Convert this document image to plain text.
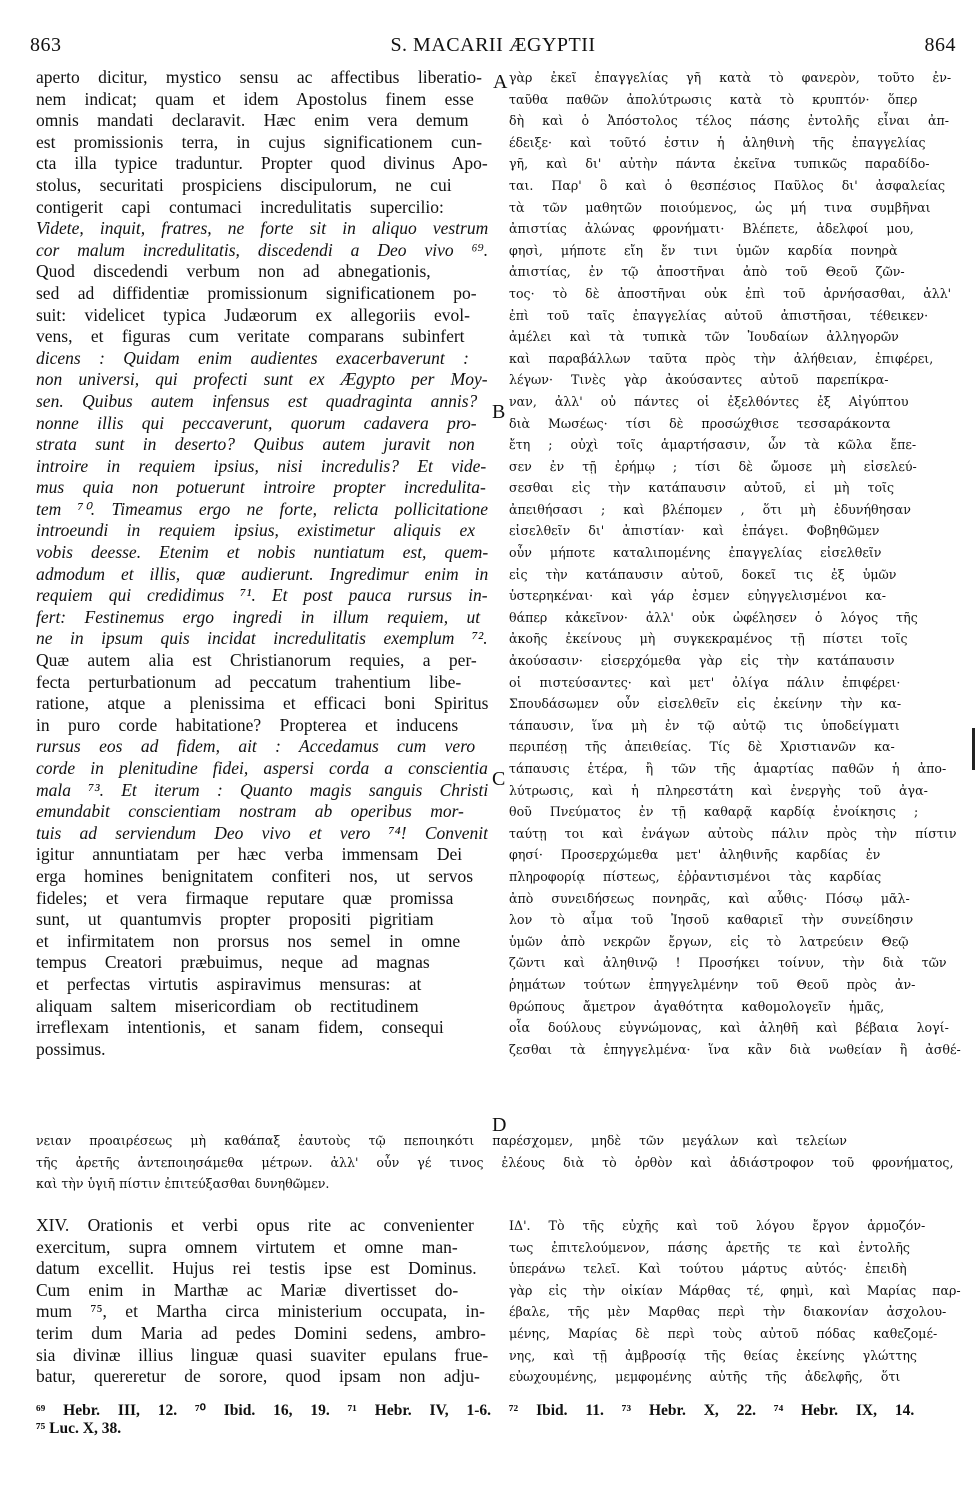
863	S. MACARII ÆGYPTII	864
aperto dicitur, mystico sensu ac affectibus liberatio-
nem indicat; quam et idem Apostolus finem esse
omnis mandati declaravit. Hæc enim vera demum
est promissionis terra, in cujus significationem cun-
cta illa typice traduntur. Propter quod divinus Apo-
stolus, securitati prospiciens discipulorum, ne cui
contigerit capi contumaci incredulitatis supercilio:
Videte, inquit, fratres, ne forte sit in aliquo vestrum
cor malum incredulitatis, discedendi a Deo vivo ⁶⁹.
Quod discedendi verbum non ad abnegationis,
sed ad diffidentiæ promissionum significationem po-
suit: videlicet typica Judæorum ex allegoriis evol-
vens, et figuras cum veritate comparans subinfert
dicens : Quidam enim audientes exacerbaverunt :
non universi, qui profecti sunt ex Ægypto per Moy-
sen. Quibus autem infensus est quadraginta annis?
nonne illis qui peccaverunt, quorum cadavera pro-
strata sunt in deserto? Quibus autem juravit non
introire in requiem ipsius, nisi incredulis? Et vide-
mus quia non potuerunt introire propter incredulita-
tem ⁷⁰. Timeamus ergo ne forte, relicta pollicitatione
introeundi in requiem ipsius, existimetur aliquis ex
vobis deesse. Etenim et nobis nuntiatum est, quem-
admodum et illis, quæ audierunt. Ingredimur enim in
requiem qui credidimus ⁷¹. Et post pauca rursus in-
fert: Festinemus ergo ingredi in illum requiem, ut
ne in ipsum quis incidat incredulitatis exemplum ⁷².
Quæ autem alia est Christianorum requies, a per-
fecta perturbationum ad peccatum trahentium libe-
ratione, atque a plenissima et efficaci boni Spiritus
in puro corde habitatione? Propterea et inducens
rursus eos ad fidem, ait : Accedamus cum vero
corde in plenitudine fidei, aspersi corda a conscientia
mala ⁷³. Et iterum : Quanto magis sanguis Christi
emundabit conscientiam nostram ab operibus mor-
tuis ad serviendum Deo vivo et vero ⁷⁴! Convenit
igitur annuntiatam per hæc verba immensam Dei
erga homines benignitatem confiteri nos, ut servos
fideles; et vera firmaque reputare quæ promissa
sunt, ut quantumvis propter propositi pigritiam
et infirmitatem non prorsus nos semel in omne
tempus Creatori præbuimus, neque ad magnas
et perfectas virtutis aspiravimus mensuras: at
aliquam saltem misericordiam ob rectitudinem
irreflexam intentionis, et sanam fidem, consequi
possimus.
γὰρ ἐκεῖ ἐπαγγελίας γῆ κατὰ τὸ φανερὸν, τοῦτο ἐν-
ταῦθα παθῶν ἀπολύτρωσις κατὰ τὸ κρυπτόν· ὅπερ
δὴ καὶ ὁ Ἀπόστολος τέλος πάσης ἐντολῆς εἶναι ἀπ-
έδειξε· καὶ τοῦτό ἐστιν ἡ ἀληθινὴ τῆς ἐπαγγελίας
γῆ, καὶ δι' αὐτὴν πάντα ἐκεῖνα τυπικῶς παραδίδο-
ται. Παρ' ὃ καὶ ὁ θεσπέσιος Παῦλος δι' ἀσφαλείας
τὰ τῶν μαθητῶν ποιούμενος, ὡς μή τινα συμβῆναι
ἀπιστίας ἀλώνας φρονήματι· Βλέπετε, ἀδελφοί μου,
φησὶ, μήποτε εἴη ἔν τινι ὑμῶν καρδία πονηρὰ
ἀπιστίας, ἐν τῷ ἀποστῆναι ἀπὸ τοῦ Θεοῦ ζῶν-
τος· τὸ δὲ ἀποστῆναι οὐκ ἐπὶ τοῦ ἀρνήσασθαι, ἀλλ'
ἐπὶ τοῦ ταῖς ἐπαγγελίας αὐτοῦ ἀπιστῆσαι, τέθεικεν·
ἀμέλει καὶ τὰ τυπικὰ τῶν Ἰουδαίων ἀλληγορῶν
καὶ παραβάλλων ταῦτα πρὸς τὴν ἀλήθειαν, ἐπιφέρει,
λέγων· Τινὲς γὰρ ἀκούσαντες αὐτοῦ παρεπίκρα-
ναν, ἀλλ' οὐ πάντες οἱ ἐξελθόντες ἐξ Αἰγύπτου
διὰ Μωσέως· τίσι δὲ προσώχθισε τεσσαράκοντα
ἔτη ; οὐχὶ τοῖς ἁμαρτήσασιν, ὧν τὰ κῶλα ἔπε-
σεν ἐν τῇ ἐρήμῳ ; τίσι δὲ ὤμοσε μὴ εἰσελεύ-
σεσθαι εἰς τὴν κατάπαυσιν αὐτοῦ, εἰ μὴ τοῖς
ἀπειθήσασι ; καὶ βλέπομεν , ὅτι μὴ ἐδυνήθησαν
εἰσελθεῖν δι' ἀπιστίαν· καὶ ἐπάγει. Φοβηθῶμεν
οὖν μήποτε καταλιπομένης ἐπαγγελίας εἰσελθεῖν
εἰς τὴν κατάπαυσιν αὐτοῦ, δοκεῖ τις ἐξ ὑμῶν
ὑστερηκέναι· καὶ γάρ ἐσμεν εὐηγγελισμένοι κα-
θάπερ κἀκεῖνον· ἀλλ' οὐκ ὠφέλησεν ὁ λόγος τῆς
ἀκοῆς ἐκείνους μὴ συγκεκραμένος τῇ πίστει τοῖς
ἀκούσασιν· εἰσερχόμεθα γὰρ εἰς τὴν κατάπαυσιν
οἱ πιστεύσαντες· καὶ μετ' ὀλίγα πάλιν ἐπιφέρει·
Σπουδάσωμεν οὖν εἰσελθεῖν εἰς ἐκείνην τὴν κα-
τάπαυσιν, ἵνα μὴ ἐν τῷ αὐτῷ τις ὑποδείγματι
περιπέσῃ τῆς ἀπειθείας. Τίς δὲ Χριστιανῶν κα-
τάπαυσις ἑτέρα, ἢ τῶν τῆς ἁμαρτίας παθῶν ἡ ἀπο-
λύτρωσις, καὶ ἡ πληρεστάτη καὶ ἐνεργὴς τοῦ ἀγα-
θοῦ Πνεύματος ἐν τῇ καθαρᾷ καρδίᾳ ἐνοίκησις ;
ταύτῃ τοι καὶ ἐνάγων αὐτοὺς πάλιν πρὸς τὴν πίστιν
φησί· Προσερχώμεθα μετ' ἀληθινῆς καρδίας ἐν
πληροφορίᾳ πίστεως, ἐῤῥαντισμένοι τὰς καρδίας
ἀπὸ συνειδήσεως πονηρᾶς, καὶ αὖθις· Πόσῳ μᾶλ-
λον τὸ αἷμα τοῦ Ἰησοῦ καθαριεῖ τὴν συνείδησιν
ὑμῶν ἀπὸ νεκρῶν ἔργων, εἰς τὸ λατρεύειν Θεῷ
ζῶντι καὶ ἀληθινῷ ! Προσήκει τοίνυν, τὴν διὰ τῶν
ῥημάτων τούτων ἐπηγγελμένην τοῦ Θεοῦ πρὸς ἀν-
θρώπους ἄμετρον ἀγαθότητα καθομολογεῖν ἡμᾶς,
οἷα δούλους εὐγνώμονας, καὶ ἀληθῆ καὶ βέβαια λογί-
ζεσθαι τὰ ἐπηγγελμένα· ἵνα κἂν διὰ νωθείαν ἢ ἀσθέ-
A
B
C
D
νειαν προαιρέσεως μὴ καθάπαξ ἑαυτοὺς τῷ πεποιηκότι παρέσχομεν, μηδὲ τῶν μεγάλων καὶ τελείων
τῆς ἀρετῆς ἀντεποιησάμεθα μέτρων. ἀλλ' οὖν γέ τινος ἐλέους διὰ τὸ ὀρθὸν καὶ ἀδιάστροφον τοῦ φρονήματος,
καὶ τὴν ὑγιῆ πίστιν ἐπιτεύξασθαι δυνηθῶμεν.
XIV. Orationis et verbi opus rite ac convenienter
exercitum, supra omnem virtutem et omne man-
datum excellit. Hujus rei testis ipse est Dominus.
Cum enim in Marthæ ac Mariæ divertisset do-
mum ⁷⁵, et Martha circa ministerium occupata, in-
terim dum Maria ad pedes Domini sedens, ambro-
sia divinæ illius linguæ quasi suaviter epulans frue-
batur, quereretur de sorore, quod ipsam non adju-
ΙΔ'. Τὸ τῆς εὐχῆς καὶ τοῦ λόγου ἔργον ἁρμοζόν-
τως ἐπιτελούμενον, πάσης ἀρετῆς τε καὶ ἐντολῆς
ὑπεράνω τελεῖ. Καὶ τούτου μάρτυς αὐτός· ἐπειδὴ
γὰρ εἰς τὴν οἰκίαν Μάρθας τέ, φημὶ, καὶ Μαρίας παρ-
έβαλε, τῆς μὲν Μαρθας περὶ τὴν διακονίαν ἀσχολου-
μένης, Μαρίας δὲ περὶ τοὺς αὐτοῦ πόδας καθεζομέ-
νης, καὶ τῇ ἀμβροσίᾳ τῆς θείας ἐκείνης γλώττης
εὐωχουμένης, μεμφομένης αὐτῆς τῆς ἀδελφῆς, ὅτι
⁶⁹ Hebr. III, 12. ⁷⁰ Ibid. 16, 19. ⁷¹ Hebr. IV, 1-6. ⁷² Ibid. 11. ⁷³ Hebr. X, 22. ⁷⁴ Hebr. IX, 14.
⁷⁵ Luc. X, 38.
